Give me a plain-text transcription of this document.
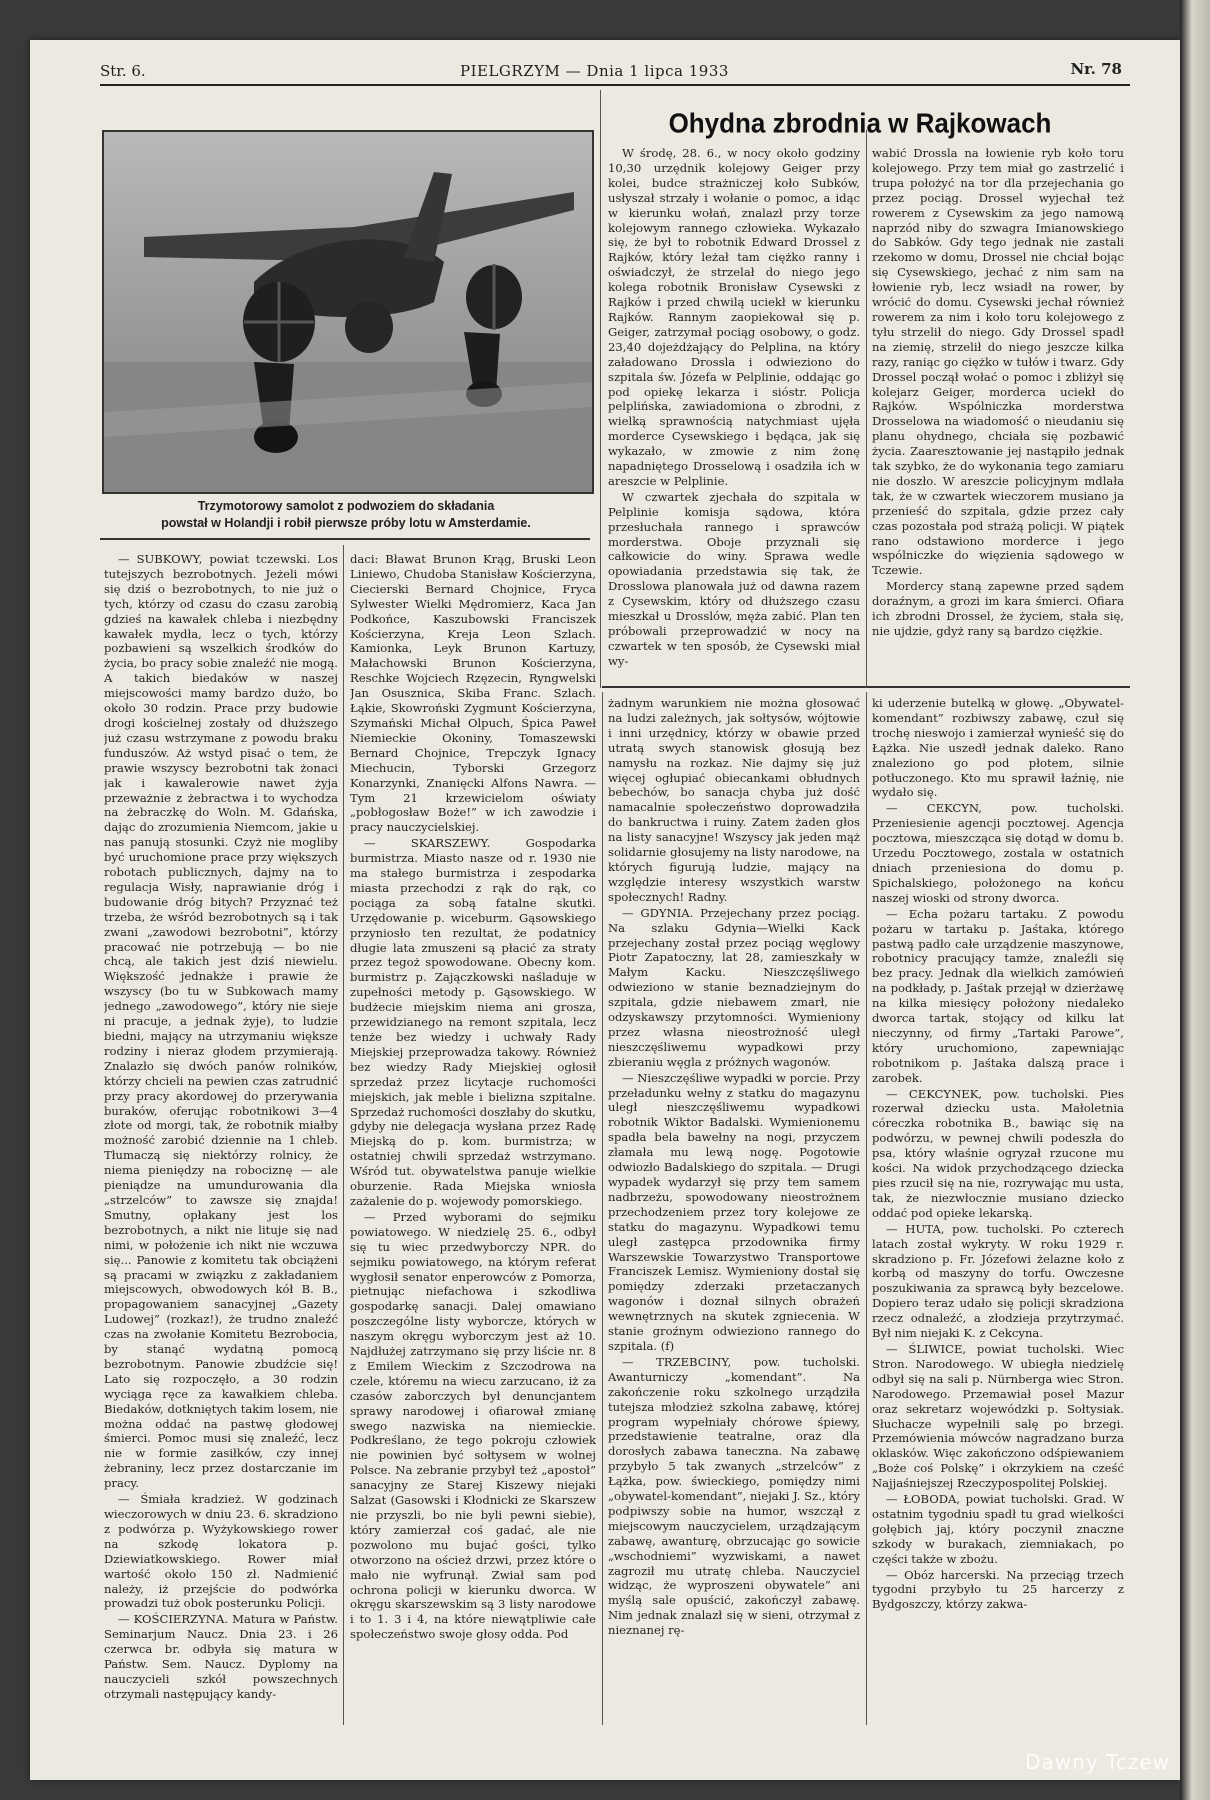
Str. 6.	PIELGRZYM — Dnia 1 lipca 1933	Nr. 78
Trzymotorowy samolot z podwoziem do składania
powstał w Holandji i robił pierwsze próby lotu w Amsterdamie.
Ohydna zbrodnia w Rajkowach

W środę, 28. 6., w nocy około godziny 10,30 urzędnik kolejowy Geiger przy kolei, budce strażniczej koło Subków, usłyszał strzały i wołanie o pomoc, a idąc w kierunku wołań, znalazł przy torze kolejowym rannego człowieka. Wykazało się, że był to robotnik Edward Drossel z Rajków, który leżał tam ciężko ranny i oświadczył, że strzelał do niego jego kolega robotnik Bronisław Cysewski z Rajków i przed chwilą uciekł w kierunku Rajków. Rannym zaopiekował się p. Geiger, zatrzymał pociąg osobowy, o godz. 23,40 dojeżdżający do Pelplina, na który załadowano Drossla i odwieziono do szpitala św. Józefa w Pelplinie, oddając go pod opiekę lekarza i sióstr. Policja pelplińska, zawiadomiona o zbrodni, z wielką sprawnością natychmiast ujęła morderce Cysewskiego i będąca, jak się wykazało, w zmowie z nim żonę napadniętego Drosselową i osadziła ich w areszcie w Pelplinie.

W czwartek zjechała do szpitala w Pelplinie komisja sądowa, która przesłuchała rannego i sprawców morderstwa. Oboje przyznali się całkowicie do winy. Sprawa wedle opowiadania przedstawia się tak, że Drosslowa planowała już od dawna razem z Cysewskim, który od dłuższego czasu mieszkał u Drosslów, męża zabić. Plan ten próbowali przeprowadzić w nocy na czwartek w ten sposób, że Cysewski miał wy-

wabić Drossla na łowienie ryb koło toru kolejowego. Przy tem miał go zastrzelić i trupa położyć na tor dla przejechania go przez pociąg. Drossel wyjechał też rowerem z Cysewskim za jego namową naprzód niby do szwagra Imianowskiego do Sabków. Gdy tego jednak nie zastali rzekomo w domu, Drossel nie chciał bojąc się Cysewskiego, jechać z nim sam na łowienie ryb, lecz wsiadł na rower, by wrócić do domu. Cysewski jechał również rowerem za nim i koło toru kolejowego z tyłu strzelił do niego. Gdy Drossel spadł na ziemię, strzelił do niego jeszcze kilka razy, raniąc go ciężko w tułów i twarz. Gdy Drossel począł wołać o pomoc i zbliżył się kolejarz Geiger, morderca uciekł do Rajków. Wspólniczka morderstwa Drosselowa na wiadomość o nieudaniu się planu ohydnego, chciała się pozbawić życia. Zaaresztowanie jej nastąpiło jednak tak szybko, że do wykonania tego zamiaru nie doszło. W areszcie policyjnym mdlała tak, że w czwartek wieczorem musiano ja przenieść do szpitala, gdzie przez cały czas pozostała pod strażą policji. W piątek rano odstawiono morderce i jego wspólniczke do więzienia sądowego w Tczewie.

Mordercy staną zapewne przed sądem doraźnym, a grozi im kara śmierci. Ofiara ich zbrodni Drossel, że życiem, stała się, nie ujdzie, gdyż rany są bardzo ciężkie.

— SUBKOWY, powiat tczewski. Los tutejszych bezrobotnych. Jeżeli mówi się dziś o bezrobotnych, to nie już o tych, którzy od czasu do czasu zarobią gdzieś na kawałek chleba i niezbędny kawałek mydła, lecz o tych, którzy pozbawieni są wszelkich środków do życia, bo pracy sobie znaleźć nie mogą. A takich biedaków w naszej miejscowości mamy bardzo dużo, bo około 30 rodzin. Prace przy budowie drogi kościelnej zostały od dłuższego już czasu wstrzymane z powodu braku funduszów. Aż wstyd pisać o tem, że prawie wszyscy bezrobotni tak żonaci jak i kawalerowie nawet żyja przeważnie z żebractwa i to wychodza na żebraczkę do Woln. M. Gdańska, dając do zrozumienia Niemcom, jakie u nas panują stosunki. Czyż nie mogliby być uruchomione prace przy większych robotach publicznych, dajmy na to regulacja Wisły, naprawianie dróg i budowanie dróg bitych? Przyznać też trzeba, że wśród bezrobotnych są i tak zwani „zawodowi bezrobotni”, którzy pracować nie potrzebują — bo nie chcą, ale takich jest dziś niewielu. Większość jednakże i prawie że wszyscy (bo tu w Subkowach mamy jednego „zawodowego”, który nie sieje ni pracuje, a jednak żyje), to ludzie biedni, mający na utrzymaniu większe rodziny i nieraz głodem przymierają. Znalazło się dwóch panów rolników, którzy chcieli na pewien czas zatrudnić przy pracy akordowej do przerywania buraków, oferując robotnikowi 3—4 złote od morgi, tak, że robotnik miałby możność zarobić dziennie na 1 chleb. Tłumaczą się niektórzy rolnicy, że niema pieniędzy na robociznę — ale pieniądze na umundurowania dla „strzelców” to zawsze się znajda! Smutny, opłakany jest los bezrobotnych, a nikt nie lituje się nad nimi, w położenie ich nikt nie wczuwa się... Panowie z komitetu tak obciążeni są pracami w związku z zakładaniem miejscowych, obwodowych kół B. B., propagowaniem sanacyjnej „Gazety Ludowej” (rozkaz!), że trudno znaleźć czas na zwołanie Komitetu Bezrobocia, by stanąć wydatną pomocą bezrobotnym. Panowie zbudźcie się! Lato się rozpoczęło, a 30 rodzin wyciąga ręce za kawałkiem chleba. Biedaków, dotkniętych takim losem, nie można oddać na pastwę głodowej śmierci. Pomoc musi się znaleźć, lecz nie w formie zasiłków, czy innej żebraniny, lecz przez dostarczanie im pracy.

— Śmiała kradzież. W godzinach wieczorowych w dniu 23. 6. skradziono z podwórza p. Wyżykowskiego rower na szkodę lokatora p. Dziewiatkowskiego. Rower miał wartość około 150 zł. Nadmienić należy, iż przejście do podwórka prowadzi tuż obok posterunku Policji.

— KOŚCIERZYNA. Matura w Państw. Seminarjum Naucz. Dnia 23. i 26 czerwca br. odbyła się matura w Państw. Sem. Naucz. Dyplomy na nauczycieli szkół powszechnych otrzymali następujący kandy-

daci: Bławat Brunon Krąg, Bruski Leon Liniewo, Chudoba Stanisław Kościerzyna, Ciecierski Bernard Chojnice, Fryca Sylwester Wielki Mędromierz, Kaca Jan Podkońce, Kaszubowski Franciszek Kościerzyna, Kreja Leon Szlach. Kamionka, Leyk Brunon Kartuzy, Małachowski Brunon Kościerzyna, Reschke Wojciech Rzęzecin, Ryngwelski Jan Osusznica, Skiba Franc. Szlach. Łąkie, Skowroński Zygmunt Kościerzyna, Szymański Michał Olpuch, Śpica Paweł Niemieckie Okoniny, Tomaszewski Bernard Chojnice, Trepczyk Ignacy Miechucin, Tyborski Grzegorz Konarzynki, Znanięcki Alfons Nawra. — Tym 21 krzewicielom oświaty „pobłogosław Boże!” w ich zawodzie i pracy nauczycielskiej.

— SKARSZEWY. Gospodarka burmistrza. Miasto nasze od r. 1930 nie ma stałego burmistrza i zespodarka miasta przechodzi z rąk do rąk, co pociąga za sobą fatalne skutki. Urzędowanie p. wiceburm. Gąsowskiego przyniosło ten rezultat, że podatnicy długie lata zmuszeni są płacić za straty przez tegoż spowodowane. Obecny kom. burmistrz p. Zajączkowski naśladuje w zupełności metody p. Gąsowskiego. W budżecie miejskim niema ani grosza, przewidzianego na remont szpitala, lecz tenże bez wiedzy i uchwały Rady Miejskiej przeprowadza takowy. Również bez wiedzy Rady Miejskiej ogłosił sprzedaż przez licytacje ruchomości miejskich, jak meble i bielizna szpitalne. Sprzedaż ruchomości doszłaby do skutku, gdyby nie delegacja wysłana przez Radę Miejską do p. kom. burmistrza; w ostatniej chwili sprzedaż wstrzymano. Wśród tut. obywatelstwa panuje wielkie oburzenie. Rada Miejska wniosła zażalenie do p. wojewody pomorskiego.

— Przed wyborami do sejmiku powiatowego. W niedzielę 25. 6., odbył się tu wiec przedwyborczy NPR. do sejmiku powiatowego, na którym referat wygłosił senator enperowców z Pomorza, pietnując niefachowa i szkodliwa gospodarkę sanacji. Dalej omawiano poszczególne listy wyborcze, których w naszym okręgu wyborczym jest aż 10. Najdłużej zatrzymano się przy liście nr. 8 z Emilem Wieckim z Szczodrowa na czele, któremu na wiecu zarzucano, iż za czasów zaborczych był denuncjantem sprawy narodowej i ofiarował zmianę swego nazwiska na niemieckie. Podkreślano, że tego pokroju człowiek nie powinien być sołtysem w wolnej Polsce. Na zebranie przybył też „apostoł” sanacyjny ze Starej Kiszewy niejaki Salzat (Gasowski i Kłodnicki ze Skarszew nie przyszli, bo nie byli pewni siebie), który zamierzał coś gadać, ale nie pozwolono mu bujać gości, tylko otworzono na oścież drzwi, przez które o mało nie wyfrunął. Zwiał sam pod ochrona policji w kierunku dworca. W okręgu skarszewskim są 3 listy narodowe i to 1. 3 i 4, na które niewątpliwie całe społeczeństwo swoje głosy odda. Pod

żadnym warunkiem nie można głosować na ludzi zależnych, jak sołtysów, wójtowie i inni urzędnicy, którzy w obawie przed utratą swych stanowisk głosują bez namysłu na rozkaz. Nie dajmy się już więcej ogłupiać obiecankami obłudnych bebechów, bo sanacja chyba już dość namacalnie społeczeństwo doprowadziła do bankructwa i ruiny. Zatem żaden głos na listy sanacyjne! Wszyscy jak jeden mąż solidarnie głosujemy na listy narodowe, na których figurują ludzie, mający na względzie interesy wszystkich warstw społecznych! Radny.

— GDYNIA. Przejechany przez pociąg. Na szlaku Gdynia—Wielki Kack przejechany został przez pociąg węglowy Piotr Zapatoczny, lat 28, zamieszkały w Małym Kacku. Nieszczęśliwego odwieziono w stanie beznadziejnym do szpitala, gdzie niebawem zmarł, nie odzyskawszy przytomności. Wymieniony przez własna nieostrożność uległ nieszczęśliwemu wypadkowi przy zbieraniu węgla z próżnych wagonów.

— Nieszczęśliwe wypadki w porcie. Przy przeładunku wełny z statku do magazynu uległ nieszczęśliwemu wypadkowi robotnik Wiktor Badalski. Wymienionemu spadła bela bawełny na nogi, przyczem złamała mu lewą nogę. Pogotowie odwiozło Badalskiego do szpitala. — Drugi wypadek wydarzył się przy tem samem nadbrzeżu, spowodowany nieostrożnem przechodzeniem przez tory kolejowe ze statku do magazynu. Wypadkowi temu uległ zastępca przodownika firmy Warszewskie Towarzystwo Transportowe Franciszek Lemisz. Wymieniony dostał się pomiędzy zderzaki przetaczanych wagonów i doznał silnych obrażeń wewnętrznych na skutek zgniecenia. W stanie groźnym odwieziono rannego do szpitala. (f)

— TRZEBCINY, pow. tucholski. Awanturniczy „komendant”. Na zakończenie roku szkolnego urządziła tutejsza młodzież szkolna zabawę, której program wypełniały chórowe śpiewy, przedstawienie teatralne, oraz dla dorosłych zabawa taneczna. Na zabawę przybyło 5 tak zwanych „strzelców” z Łążka, pow. świeckiego, pomiędzy nimi „obywatel-komendant”, niejaki J. Sz., który podpiwszy sobie na humor, wszczął z miejscowym nauczycielem, urządzającym zabawę, awanturę, obrzucając go sowicie „wschodniemi” wyzwiskami, a nawet zagroził mu utratę chleba. Nauczyciel widząc, że wyproszeni obywatele” ani myślą sale opuścić, zakończył zabawę. Nim jednak znalazł się w sieni, otrzymał z nieznanej rę-

ki uderzenie butelką w głowę. „Obywatel-komendant” rozbiwszy zabawę, czuł się trochę nieswojo i zamierzał wynieść się do Łążka. Nie uszedł jednak daleko. Rano znaleziono go pod płotem, silnie potłuczonego. Kto mu sprawił łaźnię, nie wydało się.

— CEKCYN, pow. tucholski. Przeniesienie agencji pocztowej. Agencja pocztowa, mieszcząca się dotąd w domu b. Urzedu Pocztowego, zostala w ostatnich dniach przeniesiona do domu p. Spichalskiego, położonego na końcu naszej wioski od strony dworca.

— Echa pożaru tartaku. Z powodu pożaru w tartaku p. Jaśtaka, którego pastwą padło całe urządzenie maszynowe, robotnicy pracujący tamże, znaleźli się bez pracy. Jednak dla wielkich zamówień na podkłady, p. Jaśtak przejął w dzierżawę na kilka miesięcy położony niedaleko dworca tartak, stojący od kilku lat nieczynny, od firmy „Tartaki Parowe”, który uruchomiono, zapewniając robotnikom p. Jaśtaka dalszą prace i zarobek.

— CEKCYNEK, pow. tucholski. Pies rozerwał dziecku usta. Małoletnia córeczka robotnika B., bawiąc się na podwórzu, w pewnej chwili podeszła do psa, który właśnie ogryzał rzucone mu kości. Na widok przychodzącego dziecka pies rzucił się na nie, rozrywając mu usta, tak, że niezwłocznie musiano dziecko oddać pod opieke lekarską.

— HUTA, pow. tucholski. Po czterech latach został wykryty. W roku 1929 r. skradziono p. Fr. Józefowi żelazne koło z korbą od maszyny do torfu. Owczesne poszukiwania za sprawcą były bezcelowe. Dopiero teraz udało się policji skradziona rzecz odnaleźć, a złodzieja przytrzymać. Był nim niejaki K. z Cekcyna.

— ŚLIWICE, powiat tucholski. Wiec Stron. Narodowego. W ubiegła niedzielę odbył się na sali p. Nürnberga wiec Stron. Narodowego. Przemawiał poseł Mazur oraz sekretarz wojewódzki p. Sołtysiak. Słuchacze wypełnili salę po brzegi. Przemówienia mówców nagradzano burza oklasków. Więc zakończono odśpiewaniem „Boże coś Polskę” i okrzykiem na cześć Najjaśniejszej Rzeczypospolitej Polskiej.

— ŁOBODA, powiat tucholski. Grad. W ostatnim tygodniu spadł tu grad wielkości gołębich jaj, który poczynił znaczne szkody w burakach, ziemniakach, po części także w zbożu.

— Obóz harcerski. Na przeciąg trzech tygodni przybyło tu 25 harcerzy z Bydgoszczy, którzy zakwa-

Dawny Tczew
